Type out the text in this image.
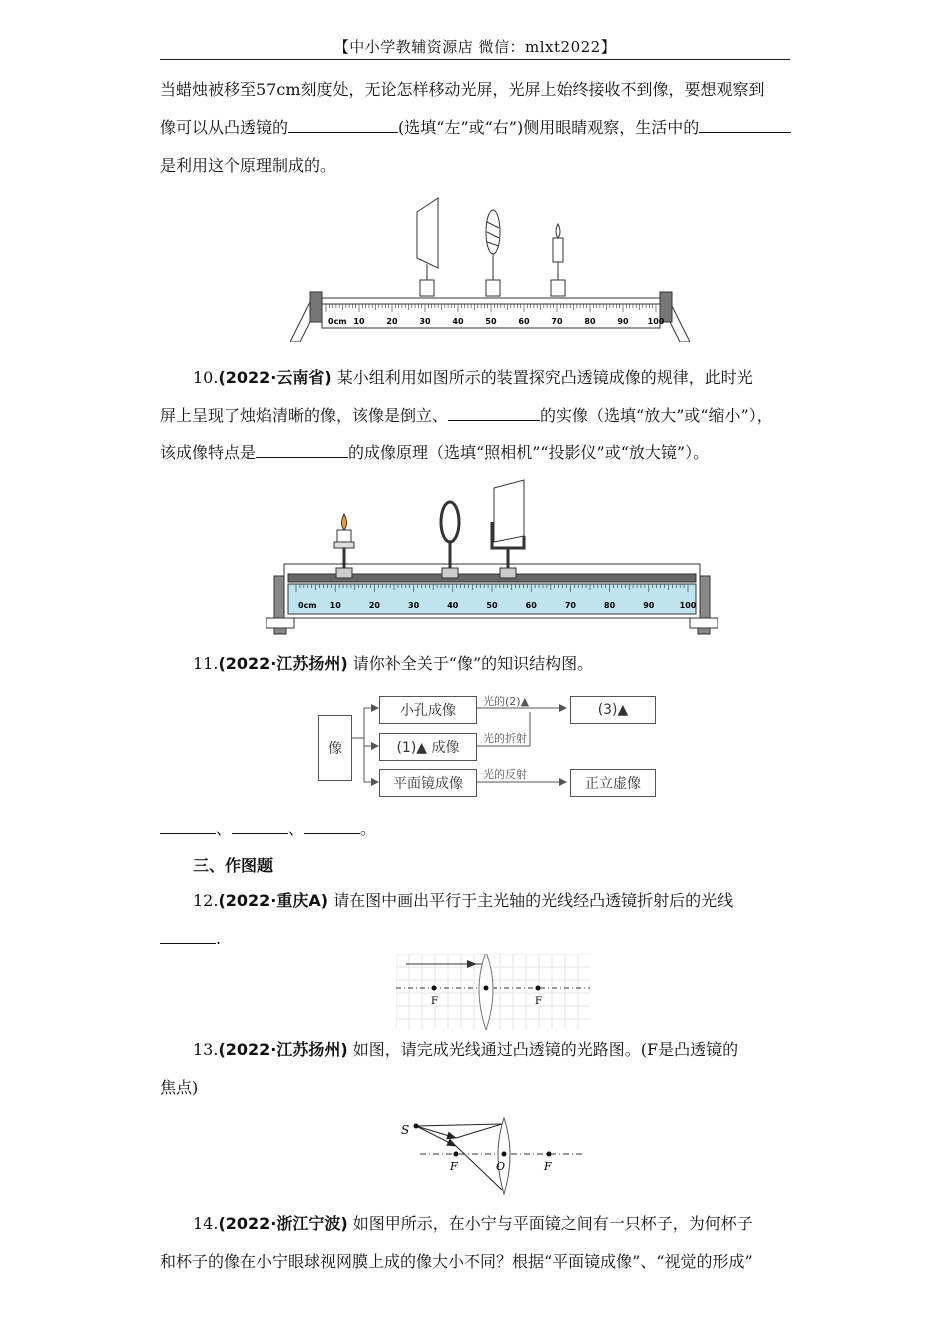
【中小学教辅资源店 微信：mlxt2022】
当蜡烛被移至57cm刻度处，无论怎样移动光屏，光屏上始终接收不到像，要想观察到
像可以从凸透镜的	(选填“左”或“右”)侧用眼睛观察，生活中的
是利用这个原理制成的。
0cm 10	20	30	40	50	60	70	80	90 100
10.(2022·云南省) 某小组利用如图所示的装置探究凸透镜成像的规律，此时光
屏上呈现了烛焰清晰的像，该像是倒立、	的实像（选填“放大”或“缩小”），
该成像特点是	的成像原理（选填“照相机”“投影仪”或“放大镜”）。
0cm 10	20	30	40	50	60	70	80	90	100
11.(2022·江苏扬州) 请你补全关于“像”的知识结构图。
像
小孔成像
(1)▲ 成像
平面镜成像
(3)▲
正立虚像
光的(2)▲
光的折射
光的反射
、	、	。
三、作图题
12.(2022·重庆A) 请在图中画出平行于主光轴的光线经凸透镜折射后的光线
.
F	F
13.(2022·江苏扬州) 如图，请完成光线通过凸透镜的光路图。(F是凸透镜的
焦点)
S
F	O	F
14.(2022·浙江宁波) 如图甲所示，在小宁与平面镜之间有一只杯子，为何杯子
和杯子的像在小宁眼球视网膜上成的像大小不同？根据“平面镜成像”、“视觉的形成”
